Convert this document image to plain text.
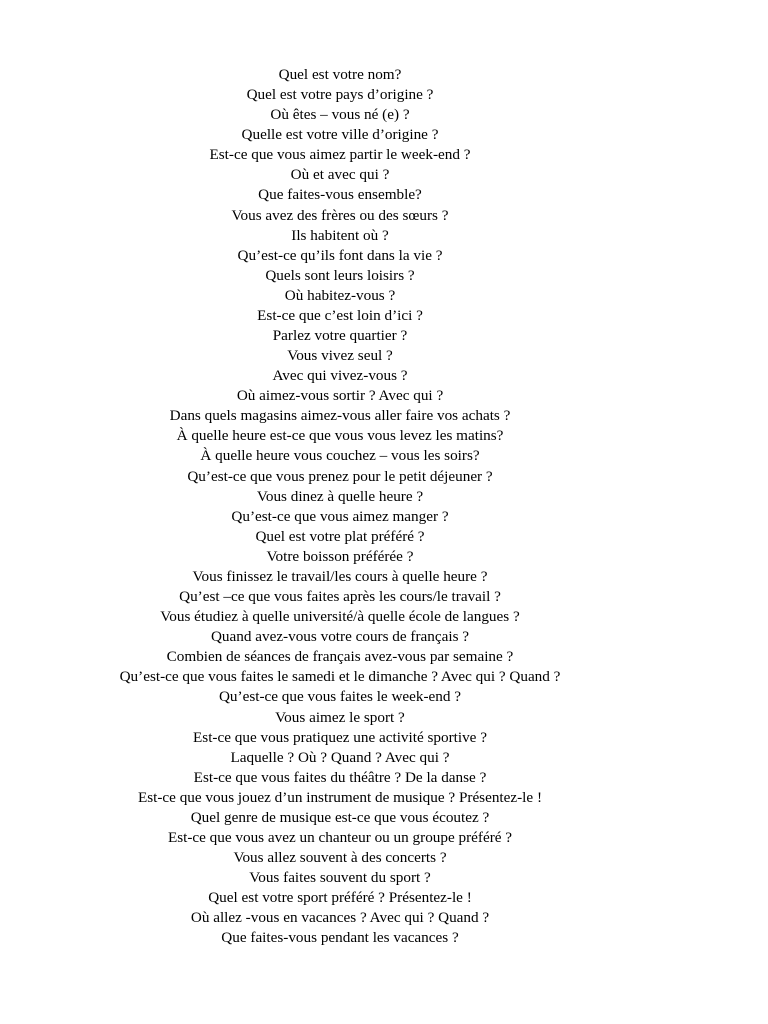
Quel est votre nom?
Quel est votre pays d’origine ?
Où êtes – vous né (e) ?
Quelle est votre ville d’origine ?
Est-ce que vous aimez partir le week-end ?
Où et avec qui ?
Que faites-vous ensemble?
Vous avez des frères ou des sœurs ?
Ils habitent où ?
Qu’est-ce qu’ils font dans la vie ?
Quels sont leurs loisirs ?
Où habitez-vous ?
Est-ce que c’est loin d’ici ?
Parlez votre quartier ?
Vous vivez seul ?
Avec qui vivez-vous ?
Où aimez-vous sortir ? Avec qui ?
Dans quels magasins aimez-vous aller faire vos achats ?
À quelle heure est-ce que vous vous levez les matins?
À quelle heure vous couchez – vous les soirs?
Qu’est-ce que vous prenez pour le petit déjeuner ?
Vous dinez à quelle heure ?
Qu’est-ce que vous aimez manger ?
Quel est votre plat préféré ?
Votre boisson préférée ?
Vous finissez le travail/les cours à quelle heure ?
Qu’est –ce que vous faites après les cours/le travail ?
Vous étudiez à quelle université/à quelle école de langues ?
Quand avez-vous votre cours de français ?
Combien de séances de français avez-vous par semaine ?
Qu’est-ce que vous faites le samedi et le dimanche ? Avec qui ? Quand ?
Qu’est-ce que vous faites le week-end ?
Vous aimez le sport ?
Est-ce que vous pratiquez une activité sportive ?
Laquelle ? Où ? Quand ? Avec qui ?
Est-ce que vous faites du théâtre ? De la danse ?
Est-ce que vous jouez d’un instrument de musique ? Présentez-le !
Quel genre de musique est-ce que vous écoutez ?
Est-ce que vous avez un chanteur ou un groupe préféré ?
Vous allez souvent à des concerts ?
Vous faites souvent du sport ?
Quel est votre sport préféré ? Présentez-le !
Où allez -vous en vacances ? Avec qui ? Quand ?
Que faites-vous pendant les vacances ?
